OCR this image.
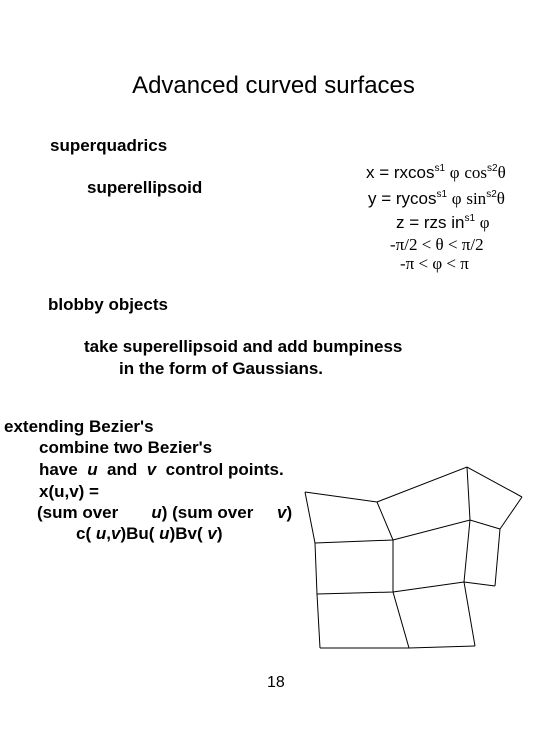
Advanced curved surfaces
superquadrics
superellipsoid
x = rxcos$^{s1}$ φ $\cos^{s2}\theta$
y = rycos$^{s1}$ φ $\sin^{s2}\theta$
z = rzs $in^{s1}$ φ
-π/2 < θ < π/2
-π < φ < π
blobby objects
take superellipsoid and add bumpiness
in the form of Gaussians.
extending Bezier's
combine two Bezier's
have u and v control points.
x(u,v) =
(sum over u) (sum over v)
c( u,v)Bu( u)Bv( v)
18
